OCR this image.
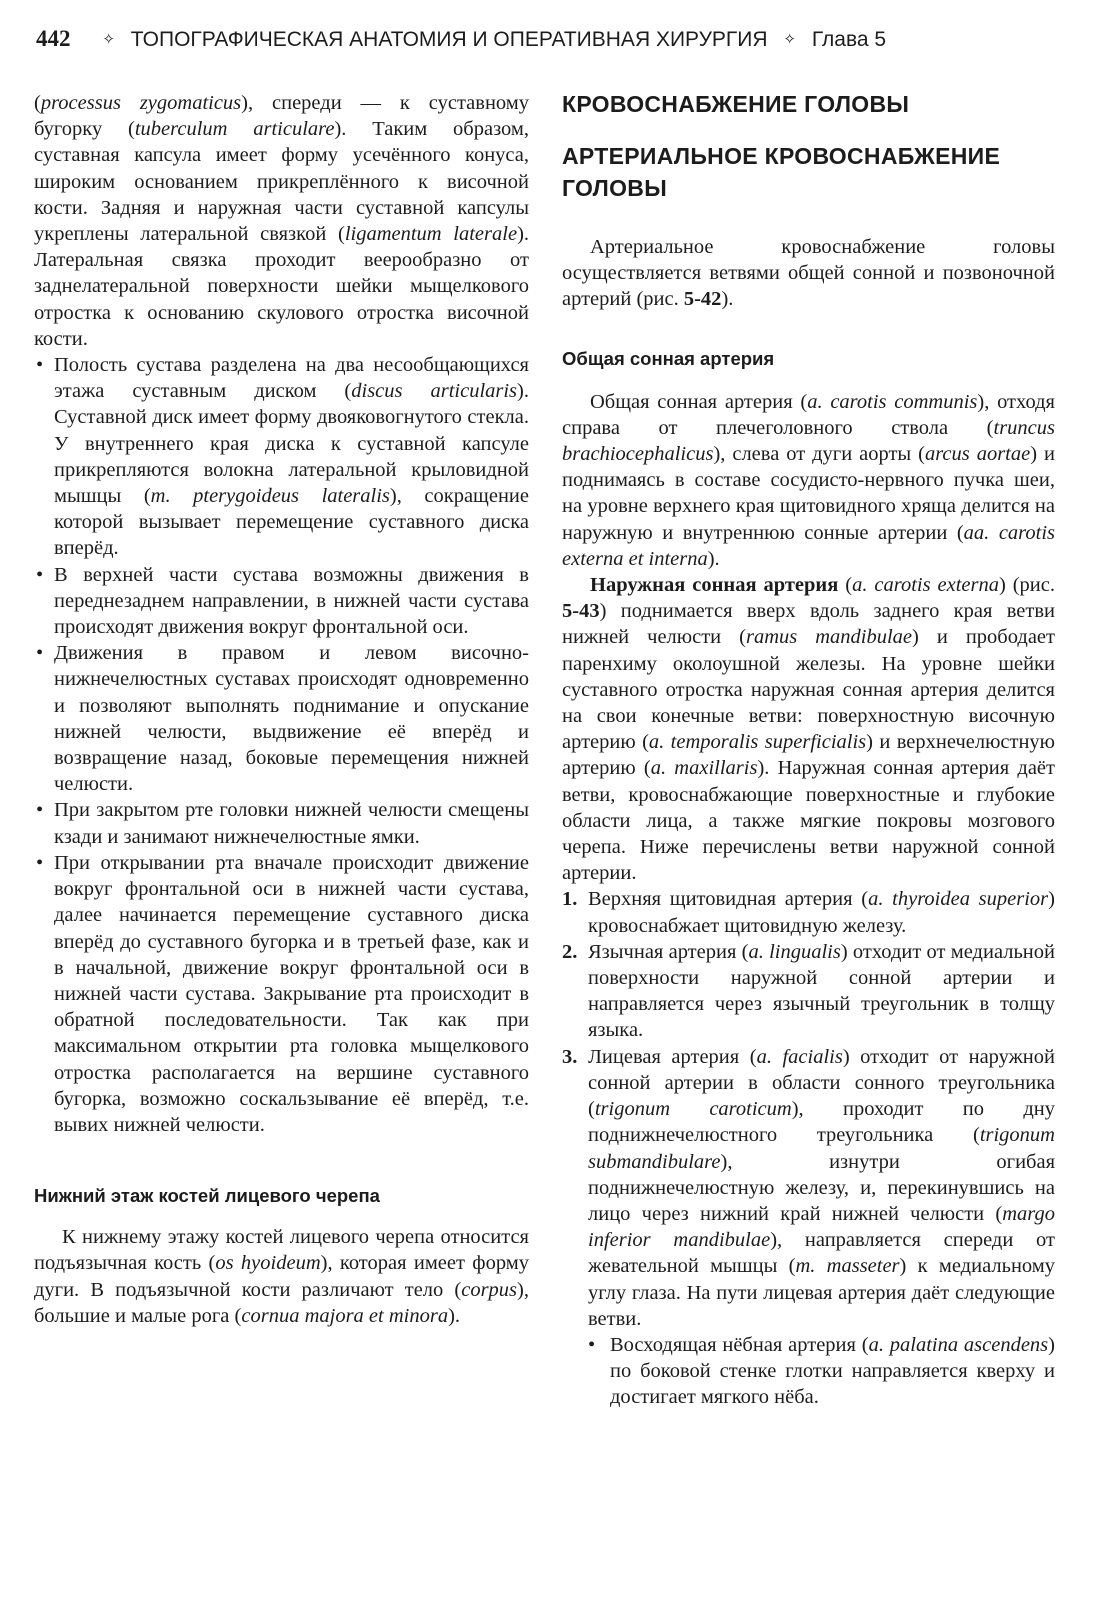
442 ✧ ТОПОГРАФИЧЕСКАЯ АНАТОМИЯ И ОПЕРАТИВНАЯ ХИРУРГИЯ ✧ Глава 5

(processus zygomaticus), спереди — к суставному бугорку (tuberculum articulare). Таким образом, суставная капсула имеет форму усечённого конуса, широким основанием прикреплённого к височной кости. Задняя и наружная части суставной капсулы укреплены латеральной связкой (ligamentum laterale). Латеральная связка проходит веерообразно от заднелатеральной поверхности шейки мыщелкового отростка к основанию скулового отростка височной кости.

• Полость сустава разделена на два несообщающихся этажа суставным диском (discus articularis). Суставной диск имеет форму двояковогнутого стекла. У внутреннего края диска к суставной капсуле прикрепляются волокна латеральной крыловидной мышцы (m. pterygoideus lateralis), сокращение которой вызывает перемещение суставного диска вперёд.

• В верхней части сустава возможны движения в переднезаднем направлении, в нижней части сустава происходят движения вокруг фронтальной оси.

• Движения в правом и левом височно-нижнечелюстных суставах происходят одновременно и позволяют выполнять поднимание и опускание нижней челюсти, выдвижение её вперёд и возвращение назад, боковые перемещения нижней челюсти.

• При закрытом рте головки нижней челюсти смещены кзади и занимают нижнечелюстные ямки.

• При открывании рта вначале происходит движение вокруг фронтальной оси в нижней части сустава, далее начинается перемещение суставного диска вперёд до суставного бугорка и в третьей фазе, как и в начальной, движение вокруг фронтальной оси в нижней части сустава. Закрывание рта происходит в обратной последовательности. Так как при максимальном открытии рта головка мыщелкового отростка располагается на вершине суставного бугорка, возможно соскальзывание её вперёд, т.е. вывих нижней челюсти.

Нижний этаж костей лицевого черепа

К нижнему этажу костей лицевого черепа относится подъязычная кость (os hyoideum), которая имеет форму дуги. В подъязычной кости различают тело (corpus), большие и малые рога (cornua majora et minora).

КРОВОСНАБЖЕНИЕ ГОЛОВЫ
АРТЕРИАЛЬНОЕ КРОВОСНАБЖЕНИЕ ГОЛОВЫ

Артериальное кровоснабжение головы осуществляется ветвями общей сонной и позвоночной артерий (рис. 5-42).

Общая сонная артерия

Общая сонная артерия (a. carotis communis), отходя справа от плечеголовного ствола (truncus brachiocephalicus), слева от дуги аорты (arcus aortae) и поднимаясь в составе сосудисто-нервного пучка шеи, на уровне верхнего края щитовидного хряща делится на наружную и внутреннюю сонные артерии (aa. carotis externa et interna).

Наружная сонная артерия (a. carotis externa) (рис. 5-43) поднимается вверх вдоль заднего края ветви нижней челюсти (ramus mandibulae) и прободает паренхиму околоушной железы. На уровне шейки суставного отростка наружная сонная артерия делится на свои конечные ветви: поверхностную височную артерию (a. temporalis superficialis) и верхнечелюстную артерию (a. maxillaris). Наружная сонная артерия даёт ветви, кровоснабжающие поверхностные и глубокие области лица, а также мягкие покровы мозгового черепа. Ниже перечислены ветви наружной сонной артерии.

1. Верхняя щитовидная артерия (a. thyroidea superior) кровоснабжает щитовидную железу.

2. Язычная артерия (a. lingualis) отходит от медиальной поверхности наружной сонной артерии и направляется через язычный треугольник в толщу языка.

3. Лицевая артерия (a. facialis) отходит от наружной сонной артерии в области сонного треугольника (trigonum caroticum), проходит по дну поднижнечелюстного треугольника (trigonum submandibulare), изнутри огибая поднижнечелюстную железу, и, перекинувшись на лицо через нижний край нижней челюсти (margo inferior mandibulae), направляется спереди от жевательной мышцы (m. masseter) к медиальному углу глаза. На пути лицевая артерия даёт следующие ветви.

• Восходящая нёбная артерия (a. palatina ascendens) по боковой стенке глотки направляется кверху и достигает мягкого нёба.
